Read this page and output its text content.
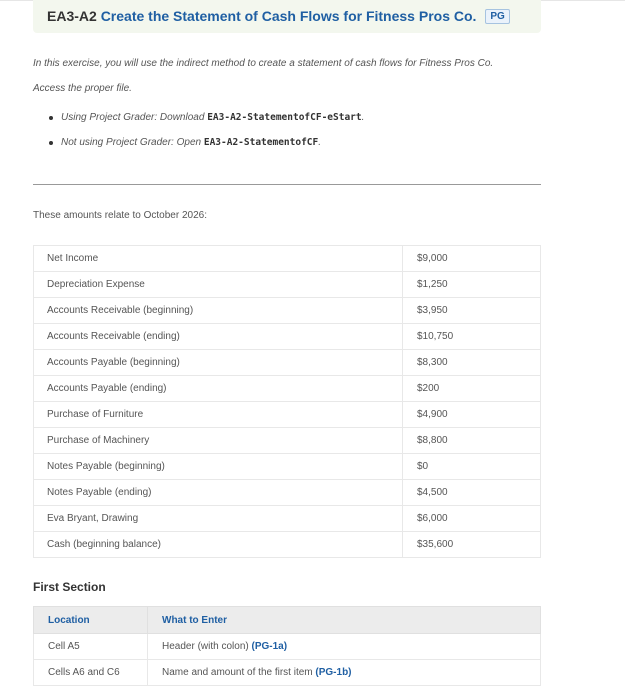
EA3-A2 Create the Statement of Cash Flows for Fitness Pros Co. PG
In this exercise, you will use the indirect method to create a statement of cash flows for Fitness Pros Co.
Access the proper file.
Using Project Grader: Download EA3-A2-StatementofCF-eStart.
Not using Project Grader: Open EA3-A2-StatementofCF.
These amounts relate to October 2026:
Net Income	$9,000
Depreciation Expense	$1,250
Accounts Receivable (beginning)	$3,950
Accounts Receivable (ending)	$10,750
Accounts Payable (beginning)	$8,300
Accounts Payable (ending)	$200
Purchase of Furniture	$4,900
Purchase of Machinery	$8,800
Notes Payable (beginning)	$0
Notes Payable (ending)	$4,500
Eva Bryant, Drawing	$6,000
Cash (beginning balance)	$35,600
First Section
Location	What to Enter
Cell A5	Header (with colon) (PG-1a)
Cells A6 and C6	Name and amount of the first item (PG-1b)
